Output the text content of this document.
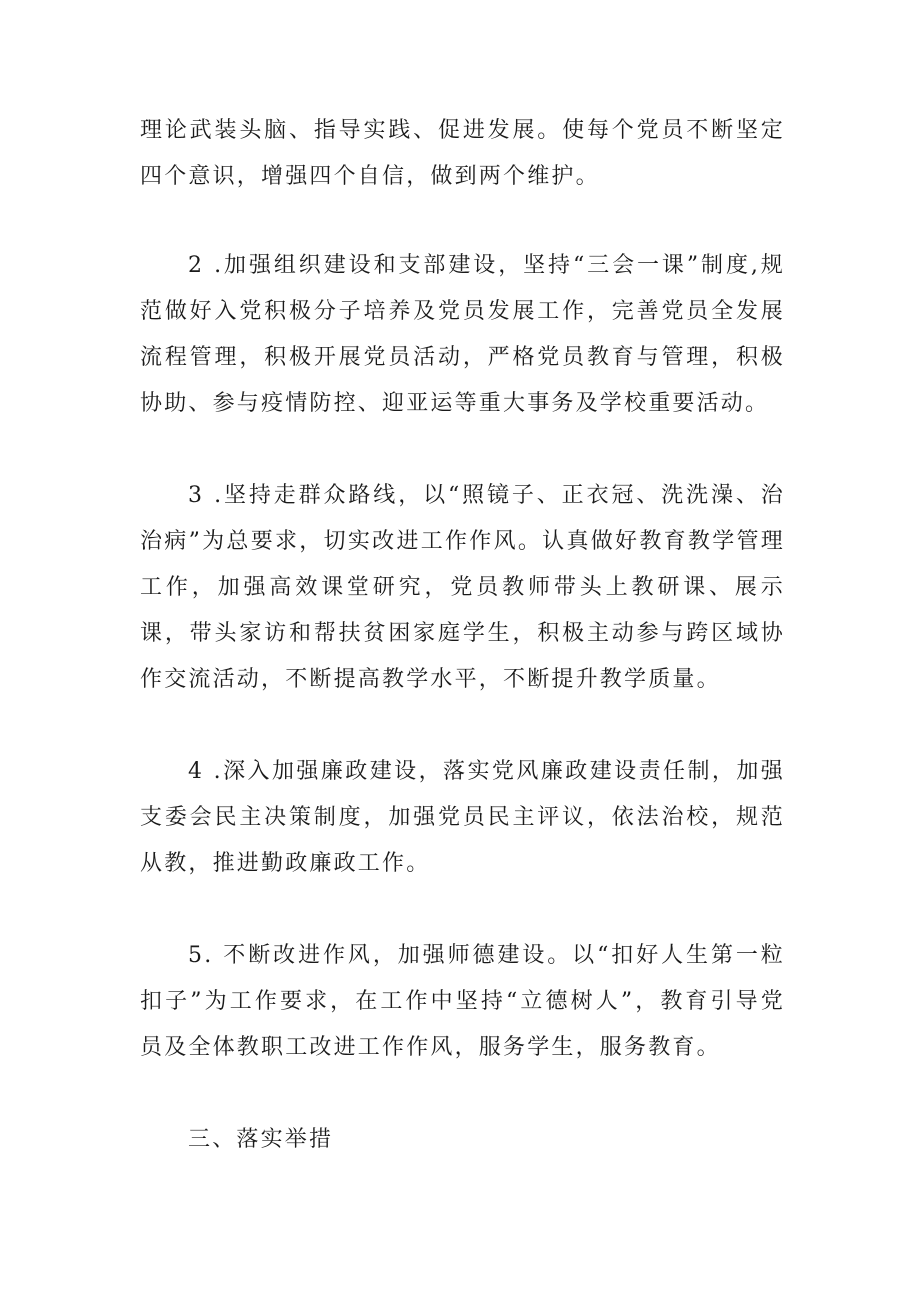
理论武装头脑、指导实践、促进发展。使每个党员不断坚定四个意识，增强四个自信，做到两个维护。

2 .加强组织建设和支部建设，坚持“三会一课”制度,规范做好入党积极分子培养及党员发展工作，完善党员全发展流程管理，积极开展党员活动，严格党员教育与管理，积极协助、参与疫情防控、迎亚运等重大事务及学校重要活动。

3 .坚持走群众路线，以“照镜子、正衣冠、洗洗澡、治治病”为总要求，切实改进工作作风。认真做好教育教学管理工作，加强高效课堂研究，党员教师带头上教研课、展示课，带头家访和帮扶贫困家庭学生，积极主动参与跨区域协作交流活动，不断提高教学水平，不断提升教学质量。

4 .深入加强廉政建设，落实党风廉政建设责任制，加强支委会民主决策制度，加强党员民主评议，依法治校，规范从教，推进勤政廉政工作。

5. 不断改进作风，加强师德建设。以“扣好人生第一粒扣子”为工作要求，在工作中坚持“立德树人”，教育引导党员及全体教职工改进工作作风，服务学生，服务教育。

三、落实举措
